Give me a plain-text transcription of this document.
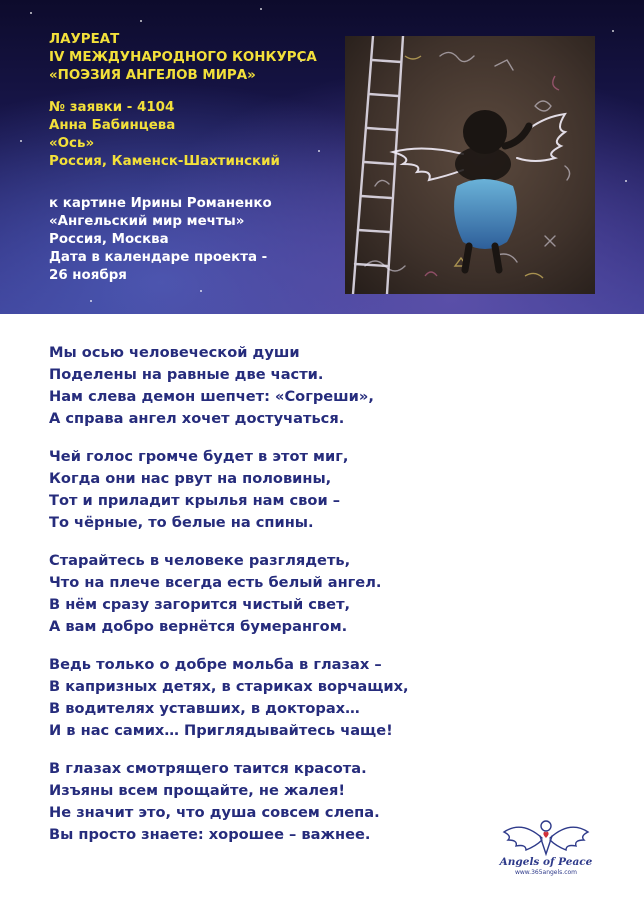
ЛАУРЕАТ
IV МЕЖДУНАРОДНОГО КОНКУРСА
«ПОЭЗИЯ АНГЕЛОВ МИРА»
№ заявки - 4104
Анна Бабинцева
«Ось»
Россия, Каменск-Шахтинский
к картине Ирины Романенко
«Ангельский мир мечты»
Россия, Москва
Дата в календаре проекта -
26 ноября
Мы осью человеческой души
Поделены на равные две части.
Нам слева демон шепчет: «Согреши»,
А справа ангел хочет достучаться.
Чей голос громче будет в этот миг,
Когда они нас рвут на половины,
Тот и приладит крылья нам свои –
То чёрные, то белые на спины.
Старайтесь в человеке разглядеть,
Что на плече всегда есть белый ангел.
В нём сразу загорится чистый свет,
А вам добро вернётся бумерангом.
Ведь только о добре мольба в глазах –
В капризных детях, в стариках ворчащих,
В водителях уставших, в докторах…
И в нас самих… Приглядывайтесь чаще!
В глазах смотрящего таится красота.
Изъяны всем прощайте, не жалея!
Не значит это, что душа совсем слепа.
Вы просто знаете: хорошее – важнее.
Angels of Peace
www.365angels.com
